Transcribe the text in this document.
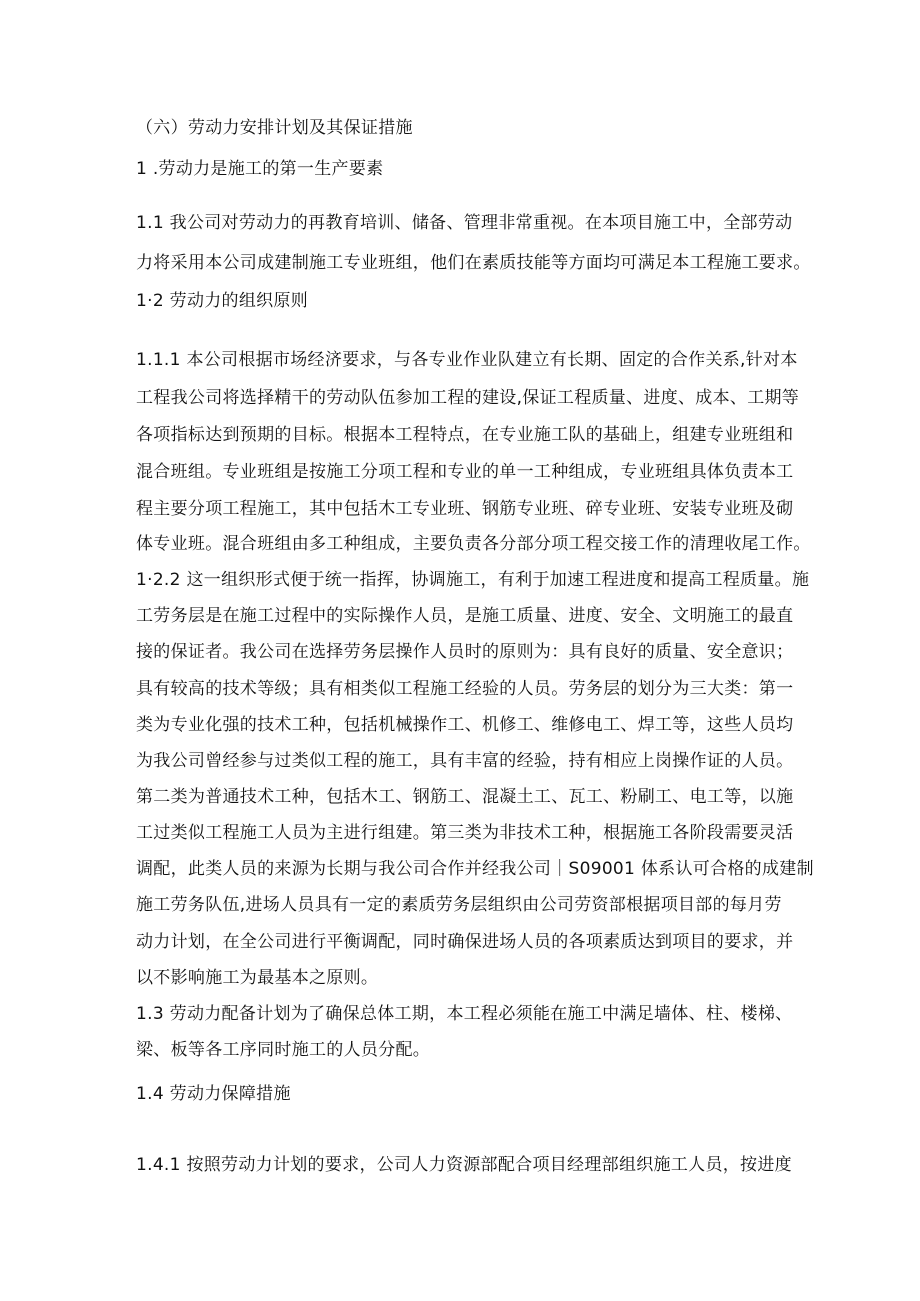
（六）劳动力安排计划及其保证措施
1 .劳动力是施工的第一生产要素
1.1 我公司对劳动力的再教育培训、储备、管理非常重视。在本项目施工中，全部劳动
力将采用本公司成建制施工专业班组，他们在素质技能等方面均可满足本工程施工要求。
1·2 劳动力的组织原则
1.1.1 本公司根据市场经济要求，与各专业作业队建立有长期、固定的合作关系,针对本
工程我公司将选择精干的劳动队伍参加工程的建设,保证工程质量、进度、成本、工期等
各项指标达到预期的目标。根据本工程特点，在专业施工队的基础上，组建专业班组和
混合班组。专业班组是按施工分项工程和专业的单一工种组成，专业班组具体负责本工
程主要分项工程施工，其中包括木工专业班、钢筋专业班、碎专业班、安装专业班及砌
体专业班。混合班组由多工种组成，主要负责各分部分项工程交接工作的清理收尾工作。
1·2.2 这一组织形式便于统一指挥，协调施工，有利于加速工程进度和提高工程质量。施
工劳务层是在施工过程中的实际操作人员，是施工质量、进度、安全、文明施工的最直
接的保证者。我公司在选择劳务层操作人员时的原则为：具有良好的质量、安全意识；
具有较高的技术等级；具有相类似工程施工经验的人员。劳务层的划分为三大类：第一
类为专业化强的技术工种，包括机械操作工、机修工、维修电工、焊工等，这些人员均
为我公司曾经参与过类似工程的施工，具有丰富的经验，持有相应上岗操作证的人员。
第二类为普通技术工种，包括木工、钢筋工、混凝土工、瓦工、粉刷工、电工等，以施
工过类似工程施工人员为主进行组建。第三类为非技术工种，根据施工各阶段需要灵活
调配，此类人员的来源为长期与我公司合作并经我公司｜S09001 体系认可合格的成建制
施工劳务队伍,进场人员具有一定的素质劳务层组织由公司劳资部根据项目部的每月劳
动力计划，在全公司进行平衡调配，同时确保进场人员的各项素质达到项目的要求，并
以不影响施工为最基本之原则。
1.3 劳动力配备计划为了确保总体工期，本工程必须能在施工中满足墙体、柱、楼梯、
梁、板等各工序同时施工的人员分配。
1.4 劳动力保障措施
1.4.1 按照劳动力计划的要求，公司人力资源部配合项目经理部组织施工人员，按进度
